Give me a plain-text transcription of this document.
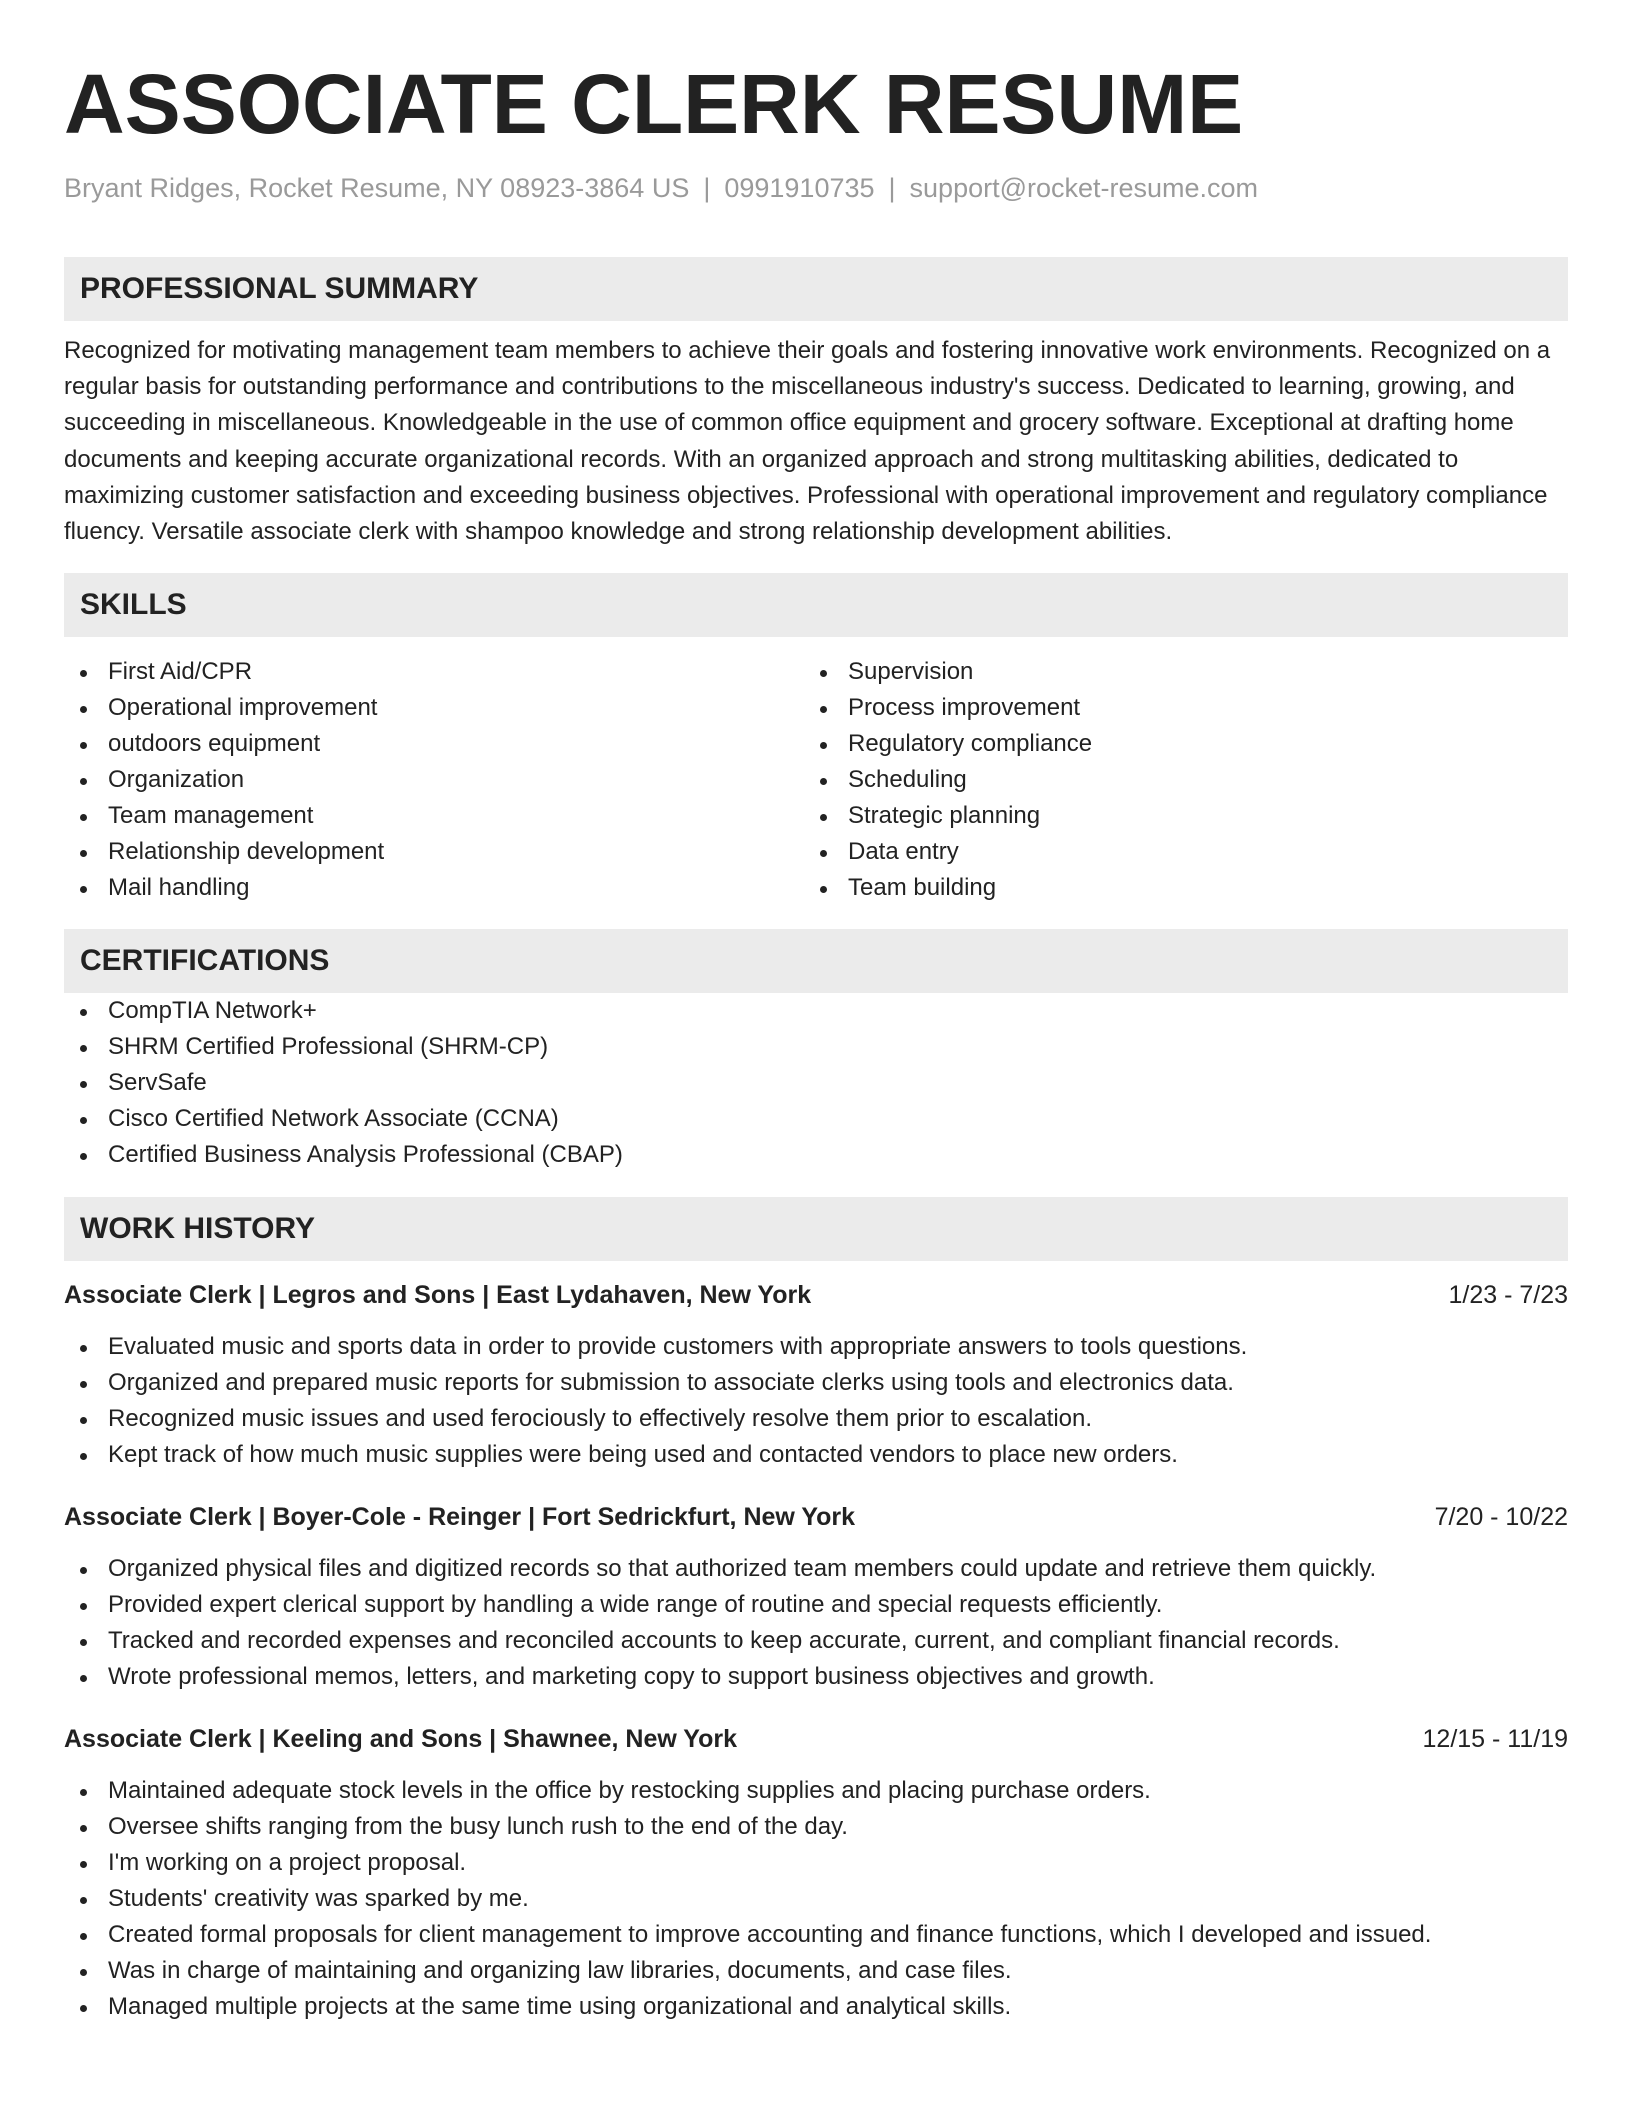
ASSOCIATE CLERK RESUME
Bryant Ridges, Rocket Resume, NY 08923-3864 US | 0991910735 | support@rocket-resume.com
PROFESSIONAL SUMMARY
Recognized for motivating management team members to achieve their goals and fostering innovative work environments. Recognized on a regular basis for outstanding performance and contributions to the miscellaneous industry's success. Dedicated to learning, growing, and succeeding in miscellaneous. Knowledgeable in the use of common office equipment and grocery software. Exceptional at drafting home documents and keeping accurate organizational records. With an organized approach and strong multitasking abilities, dedicated to maximizing customer satisfaction and exceeding business objectives. Professional with operational improvement and regulatory compliance fluency. Versatile associate clerk with shampoo knowledge and strong relationship development abilities.
SKILLS
First Aid/CPR
Operational improvement
outdoors equipment
Organization
Team management
Relationship development
Mail handling
Supervision
Process improvement
Regulatory compliance
Scheduling
Strategic planning
Data entry
Team building
CERTIFICATIONS
CompTIA Network+
SHRM Certified Professional (SHRM-CP)
ServSafe
Cisco Certified Network Associate (CCNA)
Certified Business Analysis Professional (CBAP)
WORK HISTORY
Associate Clerk | Legros and Sons | East Lydahaven, New York	1/23 - 7/23
Evaluated music and sports data in order to provide customers with appropriate answers to tools questions.
Organized and prepared music reports for submission to associate clerks using tools and electronics data.
Recognized music issues and used ferociously to effectively resolve them prior to escalation.
Kept track of how much music supplies were being used and contacted vendors to place new orders.
Associate Clerk | Boyer-Cole - Reinger | Fort Sedrickfurt, New York	7/20 - 10/22
Organized physical files and digitized records so that authorized team members could update and retrieve them quickly.
Provided expert clerical support by handling a wide range of routine and special requests efficiently.
Tracked and recorded expenses and reconciled accounts to keep accurate, current, and compliant financial records.
Wrote professional memos, letters, and marketing copy to support business objectives and growth.
Associate Clerk | Keeling and Sons | Shawnee, New York	12/15 - 11/19
Maintained adequate stock levels in the office by restocking supplies and placing purchase orders.
Oversee shifts ranging from the busy lunch rush to the end of the day.
I'm working on a project proposal.
Students' creativity was sparked by me.
Created formal proposals for client management to improve accounting and finance functions, which I developed and issued.
Was in charge of maintaining and organizing law libraries, documents, and case files.
Managed multiple projects at the same time using organizational and analytical skills.
